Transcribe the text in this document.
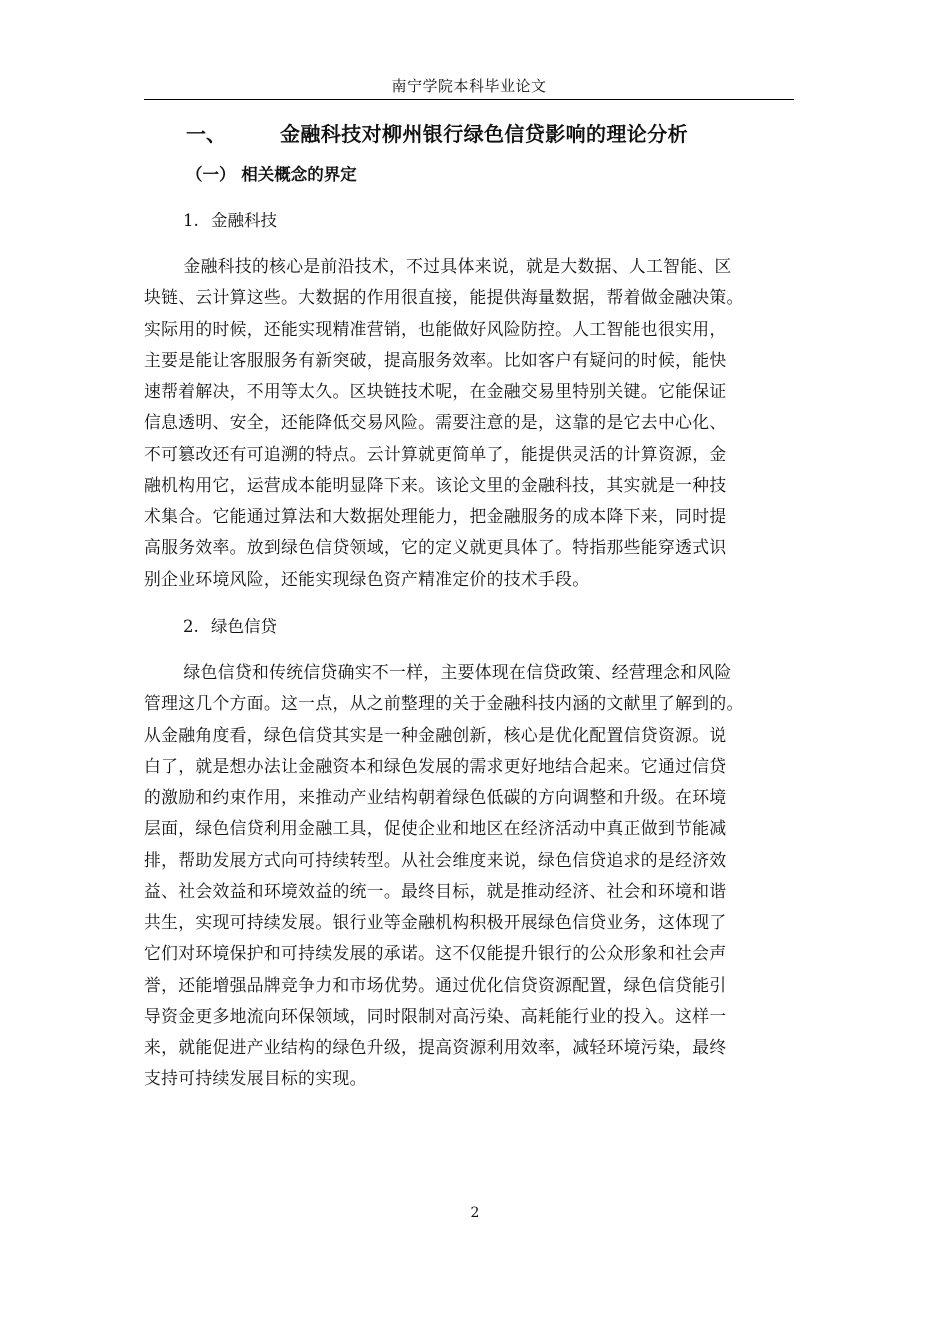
南宁学院本科毕业论文
一、	金融科技对柳州银行绿色信贷影响的理论分析
（一） 相关概念的界定
1. 金融科技
金融科技的核心是前沿技术，不过具体来说，就是大数据、人工智能、区
块链、云计算这些。大数据的作用很直接，能提供海量数据，帮着做金融决策。
实际用的时候，还能实现精准营销，也能做好风险防控。人工智能也很实用，
主要是能让客服服务有新突破，提高服务效率。比如客户有疑问的时候，能快
速帮着解决，不用等太久。区块链技术呢，在金融交易里特别关键。它能保证
信息透明、安全，还能降低交易风险。需要注意的是，这靠的是它去中心化、
不可篡改还有可追溯的特点。云计算就更简单了，能提供灵活的计算资源，金
融机构用它，运营成本能明显降下来。该论文里的金融科技，其实就是一种技
术集合。它能通过算法和大数据处理能力，把金融服务的成本降下来，同时提
高服务效率。放到绿色信贷领域，它的定义就更具体了。特指那些能穿透式识
别企业环境风险，还能实现绿色资产精准定价的技术手段。
2. 绿色信贷
绿色信贷和传统信贷确实不一样，主要体现在信贷政策、经营理念和风险
管理这几个方面。这一点，从之前整理的关于金融科技内涵的文献里了解到的。
从金融角度看，绿色信贷其实是一种金融创新，核心是优化配置信贷资源。说
白了，就是想办法让金融资本和绿色发展的需求更好地结合起来。它通过信贷
的激励和约束作用，来推动产业结构朝着绿色低碳的方向调整和升级。在环境
层面，绿色信贷利用金融工具，促使企业和地区在经济活动中真正做到节能减
排，帮助发展方式向可持续转型。从社会维度来说，绿色信贷追求的是经济效
益、社会效益和环境效益的统一。最终目标，就是推动经济、社会和环境和谐
共生，实现可持续发展。银行业等金融机构积极开展绿色信贷业务，这体现了
它们对环境保护和可持续发展的承诺。这不仅能提升银行的公众形象和社会声
誉，还能增强品牌竞争力和市场优势。通过优化信贷资源配置，绿色信贷能引
导资金更多地流向环保领域，同时限制对高污染、高耗能行业的投入。这样一
来，就能促进产业结构的绿色升级，提高资源利用效率，减轻环境污染，最终
支持可持续发展目标的实现。
2
